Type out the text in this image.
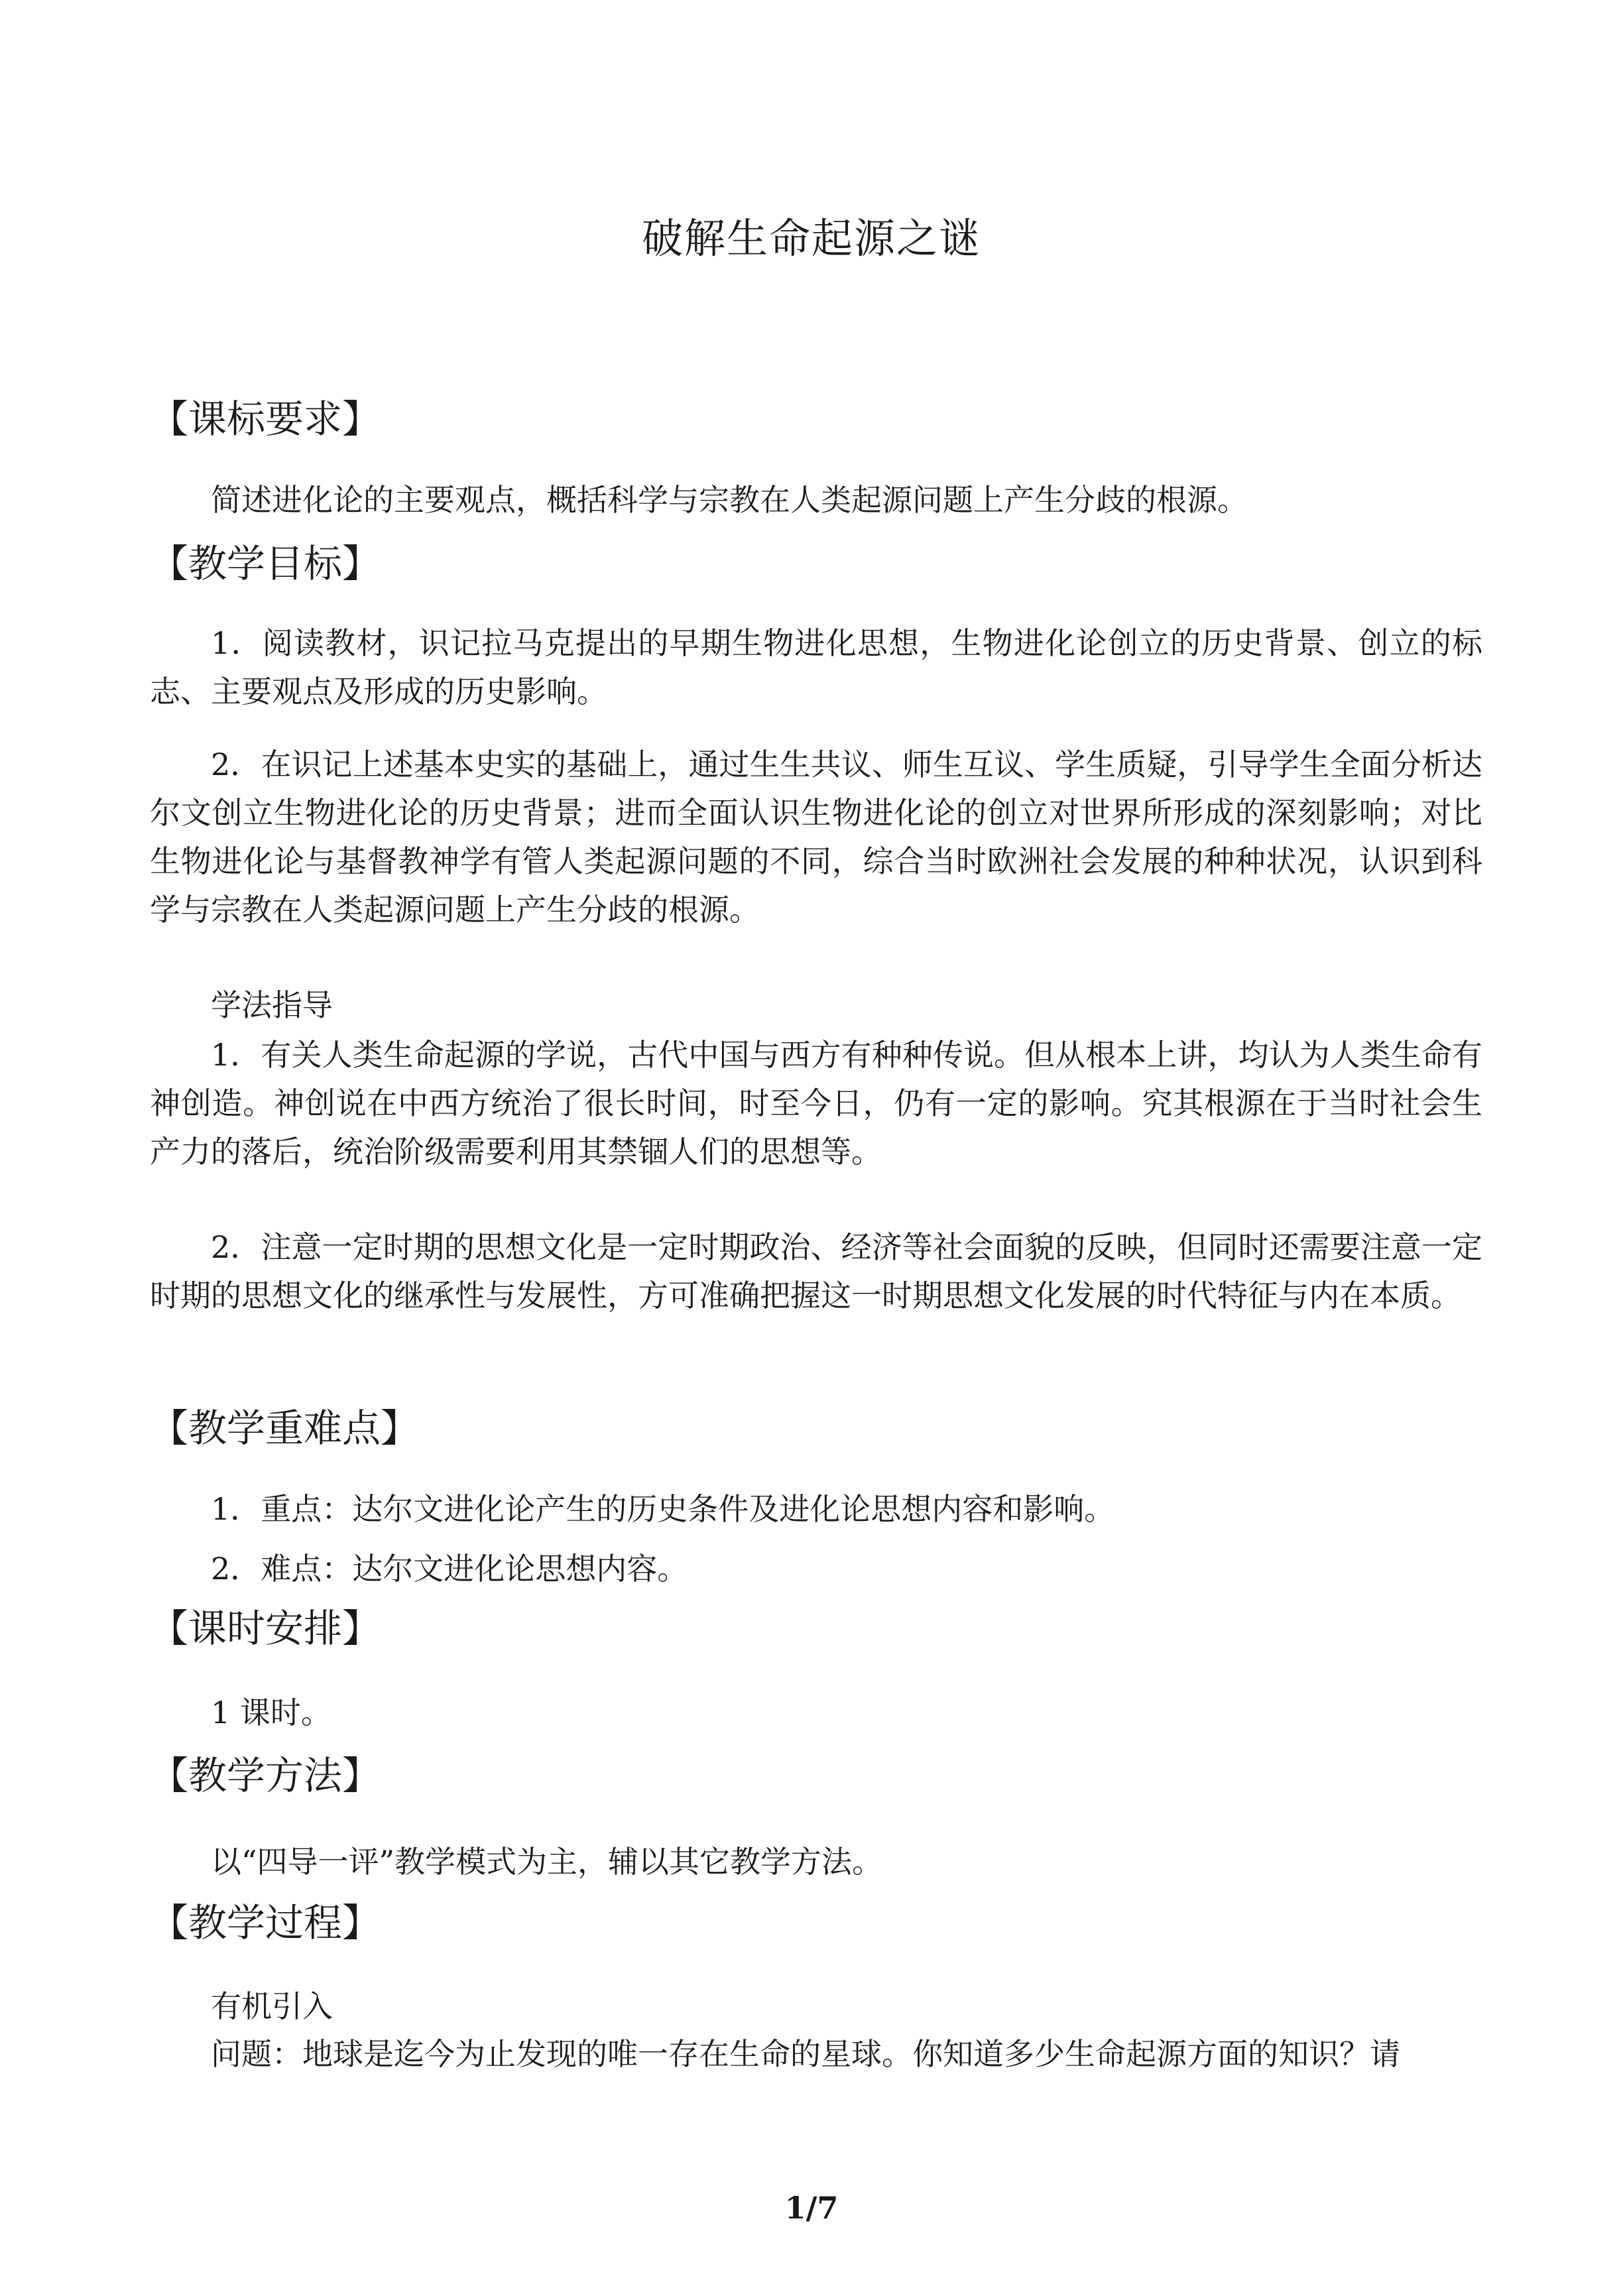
破解生命起源之谜
【课标要求】
简述进化论的主要观点，概括科学与宗教在人类起源问题上产生分歧的根源。
【教学目标】
1．阅读教材，识记拉马克提出的早期生物进化思想，生物进化论创立的历史背景、创立的标志、主要观点及形成的历史影响。
2．在识记上述基本史实的基础上，通过生生共议、师生互议、学生质疑，引导学生全面分析达尔文创立生物进化论的历史背景；进而全面认识生物进化论的创立对世界所形成的深刻影响；对比生物进化论与基督教神学有管人类起源问题的不同，综合当时欧洲社会发展的种种状况，认识到科学与宗教在人类起源问题上产生分歧的根源。
学法指导
1．有关人类生命起源的学说，古代中国与西方有种种传说。但从根本上讲，均认为人类生命有神创造。神创说在中西方统治了很长时间，时至今日，仍有一定的影响。究其根源在于当时社会生产力的落后，统治阶级需要利用其禁锢人们的思想等。
2．注意一定时期的思想文化是一定时期政治、经济等社会面貌的反映，但同时还需要注意一定时期的思想文化的继承性与发展性，方可准确把握这一时期思想文化发展的时代特征与内在本质。
【教学重难点】
1．重点：达尔文进化论产生的历史条件及进化论思想内容和影响。
2．难点：达尔文进化论思想内容。
【课时安排】
1 课时。
【教学方法】
以“四导一评”教学模式为主，辅以其它教学方法。
【教学过程】
有机引入
问题：地球是迄今为止发现的唯一存在生命的星球。你知道多少生命起源方面的知识？请
1/7
